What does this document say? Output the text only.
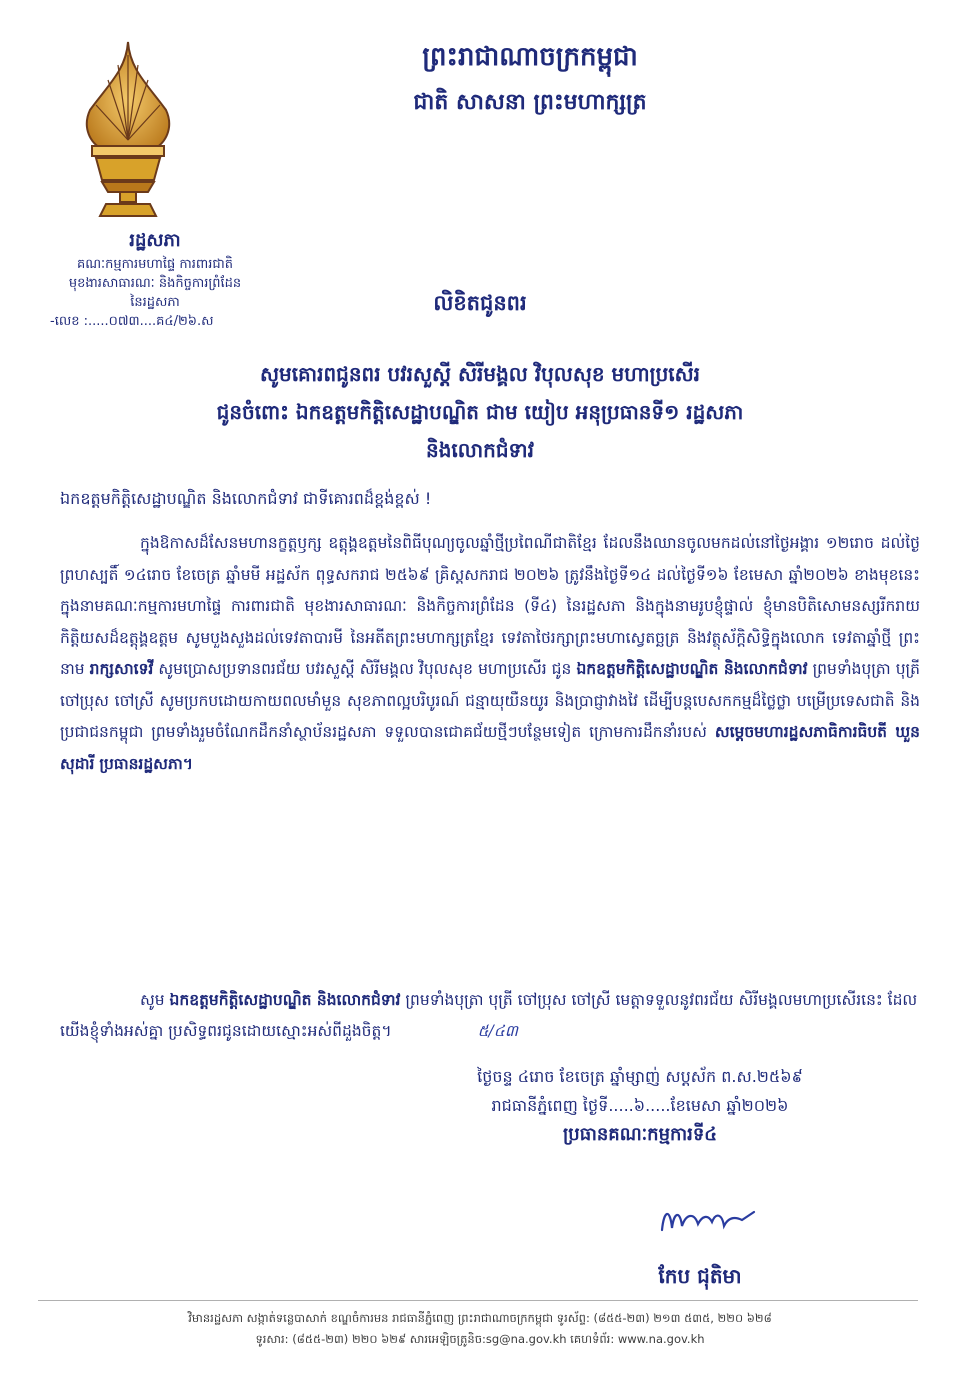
ព្រះរាជាណាចក្រកម្ពុជា
ជាតិ សាសនា ព្រះមហាក្សត្រ
រដ្ឋសភា
គណៈកម្មការមហាផ្ទៃ ការពារជាតិ
មុខងារសាធារណៈ និងកិច្ចការព្រំដែន
នៃរដ្ឋសភា
-លេខ :.....០៧៣....គ៤/២៦.ស
លិខិតជូនពរ
សូមគោរពជូនពរ បវរសួស្តី សិរីមង្គល វិបុលសុខ មហាប្រសើរ
ជូនចំពោះ ឯកឧត្តមកិត្តិសេដ្ឋាបណ្ឌិត ជាម យៀប អនុប្រធានទី១ រដ្ឋសភា
និងលោកជំទាវ
ឯកឧត្តមកិត្តិសេដ្ឋាបណ្ឌិត និងលោកជំទាវ ជាទីគោរពដ៏ខ្ពង់ខ្ពស់ !

ក្នុងឱកាសដ៏សែនមហានក្ខត្តឫក្ស ឧត្តុង្គឧត្តមនៃពិធីបុណ្យចូលឆ្នាំថ្មីប្រពៃណីជាតិខ្មែរ ដែលនឹងឈានចូលមកដល់នៅថ្ងៃអង្គារ ១២រោច ដល់ថ្ងៃព្រហស្បតិ៍ ១៤រោច ខែចេត្រ ឆ្នាំមមី អដ្ឋស័ក ពុទ្ធសករាជ ២៥៦៩ គ្រិស្តសករាជ ២០២៦ ត្រូវនឹងថ្ងៃទី១៤ ដល់ថ្ងៃទី១៦ ខែមេសា ឆ្នាំ២០២៦ ខាងមុខនេះ ក្នុងនាមគណៈកម្មការមហាផ្ទៃ ការពារជាតិ មុខងារសាធារណៈ និងកិច្ចការព្រំដែន (ទី៤) នៃរដ្ឋសភា និងក្នុងនាមរូបខ្ញុំផ្ទាល់ ខ្ញុំមានបិតិសោមនស្សរីករាយ កិត្តិយសដ៏ឧត្តុង្គឧត្តម សូមបួងសួងដល់ទេវតាបារមី នៃអតីតព្រះមហាក្សត្រខ្មែរ ទេវតាថៃរក្សាព្រះមហាស្វេតច្ឆត្រ និងវត្ថុស័ក្តិសិទ្ធិក្នុងលោក ទេវតាឆ្នាំថ្មី ព្រះនាម រាក្សសាទេវី សូមប្រោសប្រទានពរជ័យ បវរសួស្តី សិរីមង្គល វិបុលសុខ មហាប្រសើរ ជូន ឯកឧត្តមកិត្តិសេដ្ឋាបណ្ឌិត និងលោកជំទាវ ព្រមទាំងបុត្រា បុត្រី ចៅប្រុស ចៅស្រី សូមប្រកបដោយកាយពលមាំមួន សុខភាពល្អបរិបូរណ៍ ជន្មាយុយឺនយូរ និងប្រាជ្ញាវាងវៃ ដើម្បីបន្តបេសកកម្មដ៏ថ្លៃថ្លា បម្រើប្រទេសជាតិ និងប្រជាជនកម្ពុជា ព្រមទាំងរួមចំណែកដឹកនាំស្ថាប័នរដ្ឋសភា ទទួលបានជោគជ័យថ្មីៗបន្ថែមទៀត ក្រោមការដឹកនាំរបស់ សម្តេចមហារដ្ឋសភាធិការធិបតី ឃួន សុដារី ប្រធានរដ្ឋសភា។

សូម ឯកឧត្តមកិត្តិសេដ្ឋាបណ្ឌិត និងលោកជំទាវ ព្រមទាំងបុត្រា បុត្រី ចៅប្រុស ចៅស្រី មេត្តាទទួលនូវពរជ័យ សិរីមង្គលមហាប្រសើរនេះ ដែលយើងខ្ញុំទាំងអស់គ្នា ប្រសិទ្ធពរជូនដោយស្មោះអស់ពីដួងចិត្ត។	៥/៤៣

ថ្ងៃចន្ទ ៤រោច ខែចេត្រ ឆ្នាំម្សាញ់ សប្តស័ក ព.ស.២៥៦៩
រាជធានីភ្នំពេញ ថ្ងៃទី.....៦.....ខែមេសា ឆ្នាំ២០២៦
ប្រធានគណៈកម្មការទី៤
កែប ជុតិមា
វិមានរដ្ឋសភា សង្កាត់ទន្លេបាសាក់ ខណ្ឌចំការមន រាជធានីភ្នំពេញ ព្រះរាជាណាចក្រកម្ពុជា ទូរស័ព្ទ: (៨៥៥-២៣) ២១៣ ៥៣៥, ២២០ ៦២៨
ទូរសារ: (៨៥៥-២៣) ២២០ ៦២៩ សារអេឡិចត្រូនិច:sg@na.gov.kh គេហទំព័រ: www.na.gov.kh
